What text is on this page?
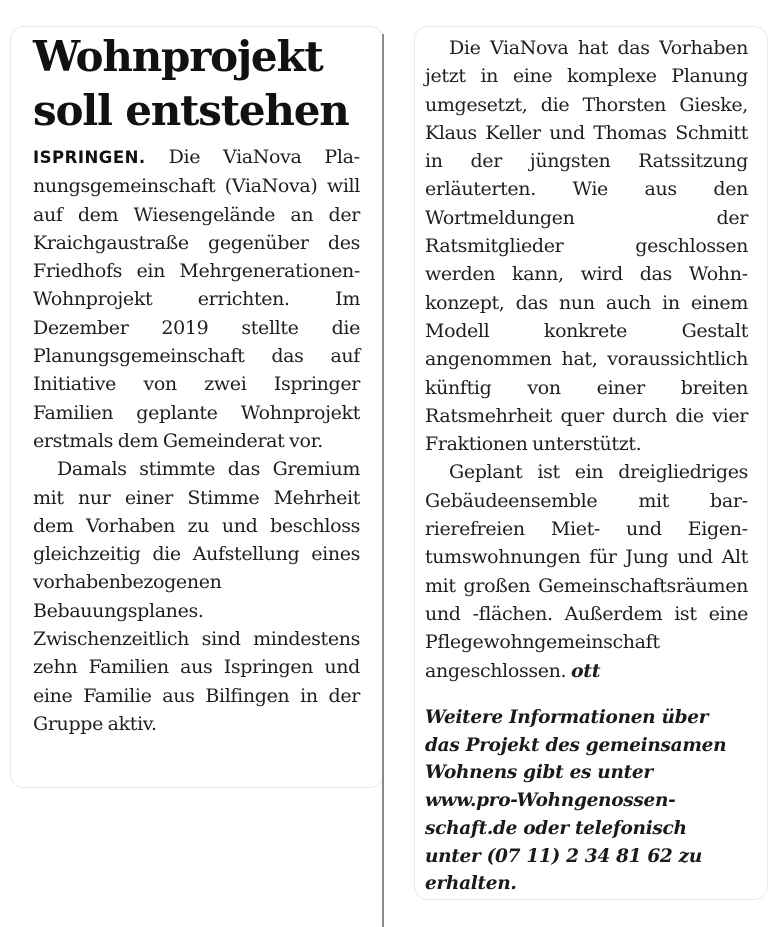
Wohnprojekt
soll entstehen

ISPRINGEN. Die ViaNova Planungsgemeinschaft (ViaNova) will auf dem Wiesengelände an der Kraichgaustraße gegenüber des Friedhofs ein Mehrgenerationen-Wohnprojekt errichten. Im Dezember 2019 stellte die Planungsgemeinschaft das auf Initiative von zwei Ispringer Familien geplante Wohnprojekt erstmals dem Gemeinderat vor.

Damals stimmte das Gremium mit nur einer Stimme Mehrheit dem Vorhaben zu und beschloss gleichzeitig die Aufstellung eines vorhabenbezogenen Bebauungsplanes. Zwischenzeitlich sind mindestens zehn Familien aus Ispringen und eine Familie aus Bilfingen in der Gruppe aktiv.

Die ViaNova hat das Vorhaben jetzt in eine komplexe Planung umgesetzt, die Thorsten Gieske, Klaus Keller und Thomas Schmitt in der jüngsten Ratssitzung erläuterten. Wie aus den Wortmeldungen der Ratsmitglieder geschlossen werden kann, wird das Wohnkonzept, das nun auch in einem Modell konkrete Gestalt angenommen hat, voraussichtlich künftig von einer breiten Ratsmehrheit quer durch die vier Fraktionen unterstützt.

Geplant ist ein dreigliedriges Gebäudeensemble mit barrierefreien Miet- und Eigentumswohnungen für Jung und Alt mit großen Gemeinschaftsräumen und -flächen. Außerdem ist eine Pflegewohngemeinschaft angeschlossen. ott

Weitere Informationen über
das Projekt des gemeinsamen
Wohnens gibt es unter
www.pro-Wohngenossen-
schaft.de oder telefonisch
unter (07 11) 2 34 81 62 zu
erhalten.
